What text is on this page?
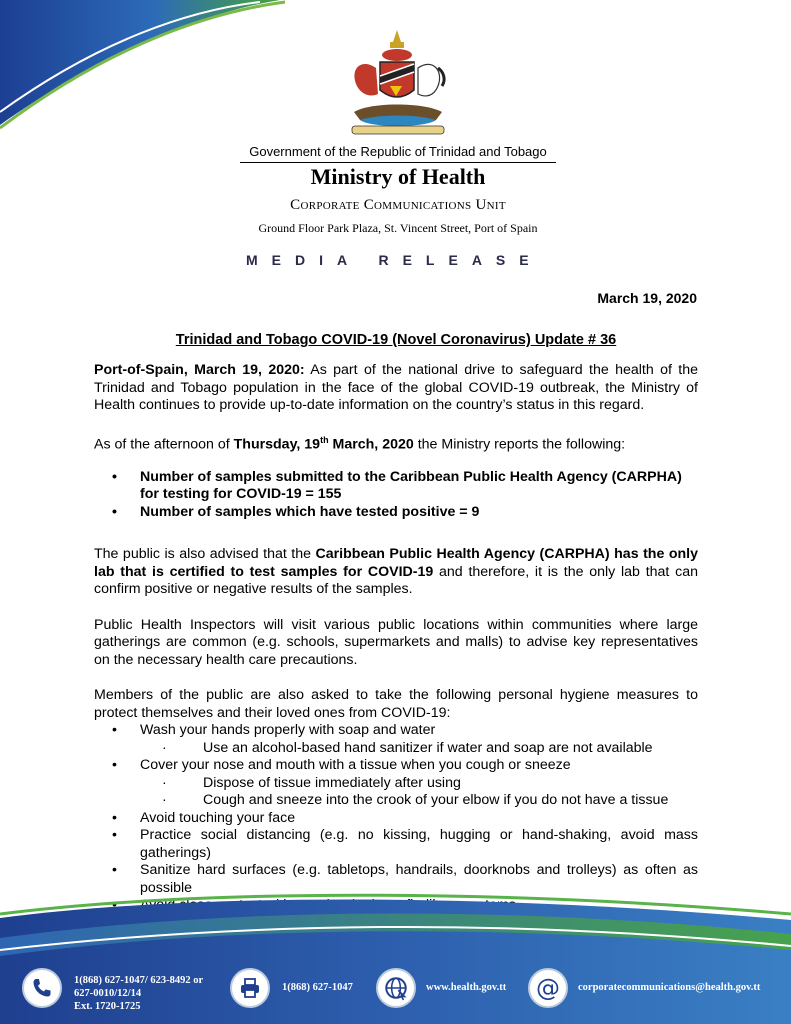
Government of the Republic of Trinidad and Tobago
Ministry of Health
Corporate Communications Unit
Ground Floor Park Plaza, St. Vincent Street, Port of Spain
MEDIA RELEASE
March 19, 2020
Trinidad and Tobago COVID-19 (Novel Coronavirus) Update # 36

Port-of-Spain, March 19, 2020: As part of the national drive to safeguard the health of the Trinidad and Tobago population in the face of the global COVID-19 outbreak, the Ministry of Health continues to provide up-to-date information on the country’s status in this regard.

As of the afternoon of Thursday, 19th March, 2020 the Ministry reports the following:

• Number of samples submitted to the Caribbean Public Health Agency (CARPHA) for testing for COVID-19 = 155
• Number of samples which have tested positive = 9

The public is also advised that the Caribbean Public Health Agency (CARPHA) has the only lab that is certified to test samples for COVID-19 and therefore, it is the only lab that can confirm positive or negative results of the samples.

Public Health Inspectors will visit various public locations within communities where large gatherings are common (e.g. schools, supermarkets and malls) to advise key representatives on the necessary health care precautions.

Members of the public are also asked to take the following personal hygiene measures to protect themselves and their loved ones from COVID-19:

• Wash your hands properly with soap and water
· Use an alcohol-based hand sanitizer if water and soap are not available
• Cover your nose and mouth with a tissue when you cough or sneeze
· Dispose of tissue immediately after using
· Cough and sneeze into the crook of your elbow if you do not have a tissue
• Avoid touching your face
• Practice social distancing (e.g. no kissing, hugging or hand-shaking, avoid mass gatherings)
• Sanitize hard surfaces (e.g. tabletops, handrails, doorknobs and trolleys) as often as possible
•
•
1(868) 627-1047/ 623-8492 or
627-0010/12/14
Ext. 1720-1725
1(868) 627-1047	www.health.gov.tt @ corporatecommunications@health.gov.tt
